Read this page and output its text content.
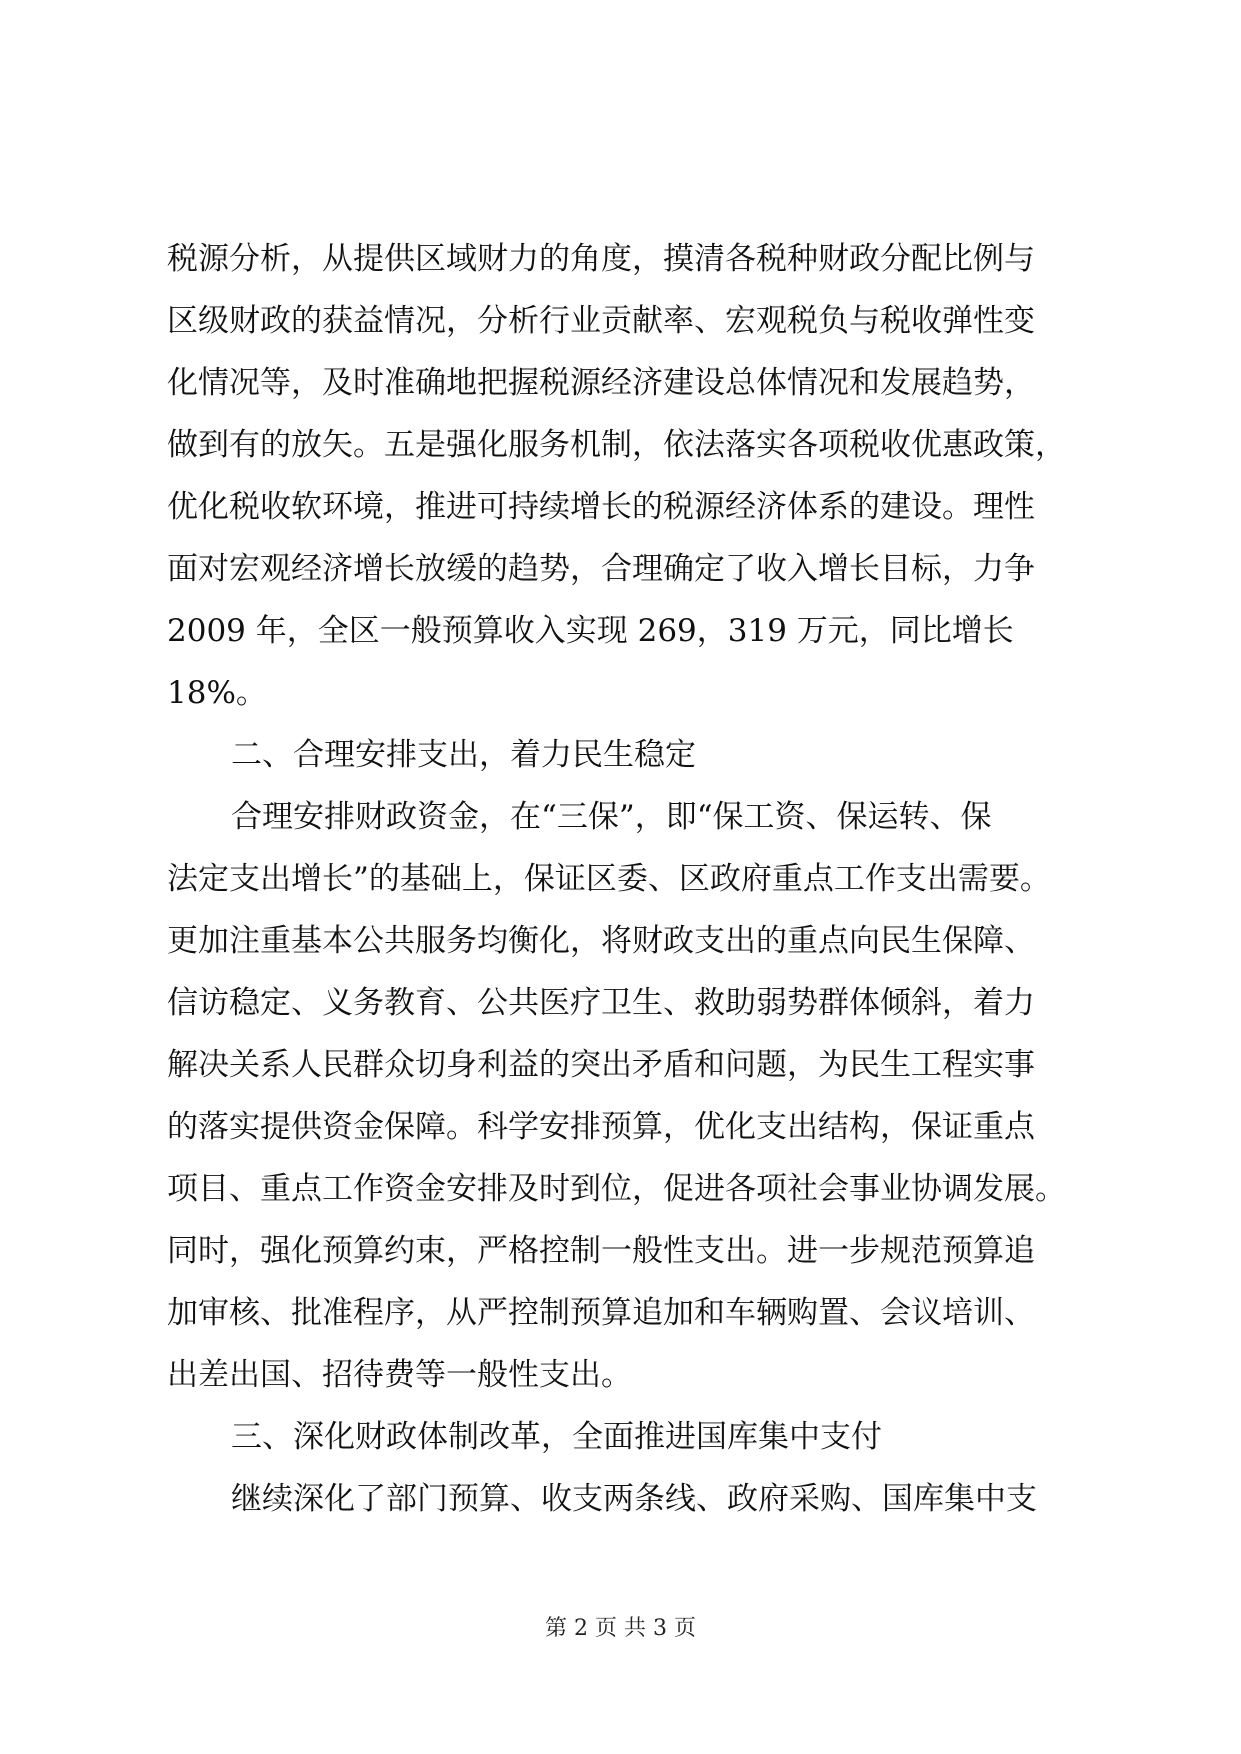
税源分析，从提供区域财力的角度，摸清各税种财政分配比例与
区级财政的获益情况，分析行业贡献率、宏观税负与税收弹性变
化情况等，及时准确地把握税源经济建设总体情况和发展趋势，
做到有的放矢。五是强化服务机制，依法落实各项税收优惠政策，
优化税收软环境，推进可持续增长的税源经济体系的建设。理性
面对宏观经济增长放缓的趋势，合理确定了收入增长目标，力争
2009 年，全区一般预算收入实现 269，319 万元，同比增长
18%。
二、合理安排支出，着力民生稳定
合理安排财政资金，在“三保”，即“保工资、保运转、保
法定支出增长”的基础上，保证区委、区政府重点工作支出需要。
更加注重基本公共服务均衡化，将财政支出的重点向民生保障、
信访稳定、义务教育、公共医疗卫生、救助弱势群体倾斜，着力
解决关系人民群众切身利益的突出矛盾和问题，为民生工程实事
的落实提供资金保障。科学安排预算，优化支出结构，保证重点
项目、重点工作资金安排及时到位，促进各项社会事业协调发展。
同时，强化预算约束，严格控制一般性支出。进一步规范预算追
加审核、批准程序，从严控制预算追加和车辆购置、会议培训、
出差出国、招待费等一般性支出。
三、深化财政体制改革，全面推进国库集中支付
继续深化了部门预算、收支两条线、政府采购、国库集中支
第 2 页 共 3 页
